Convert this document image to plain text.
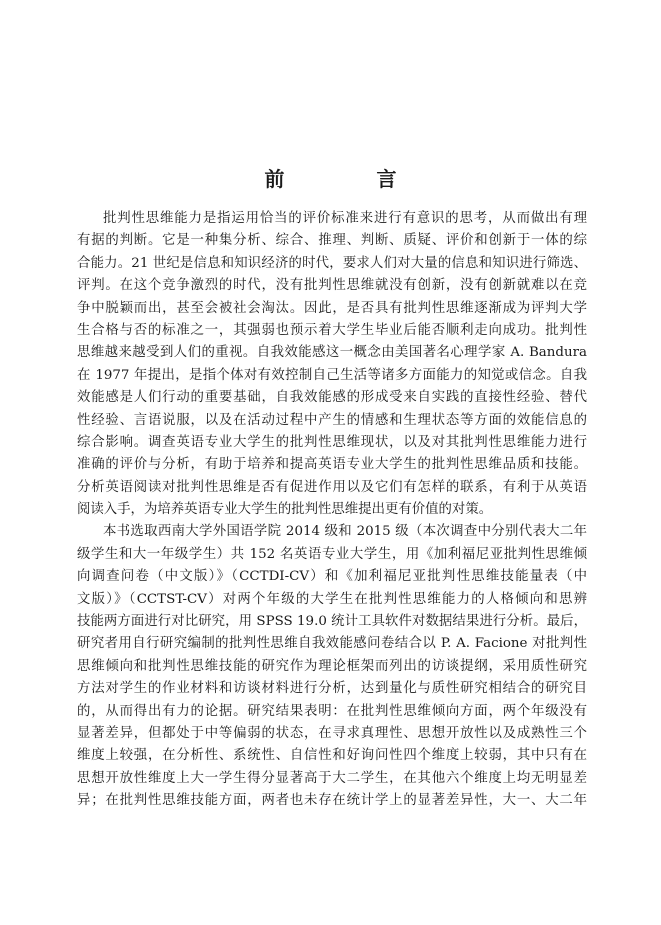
前　言
批判性思维能力是指运用恰当的评价标准来进行有意识的思考，从而做出有理
有据的判断。它是一种集分析、综合、推理、判断、质疑、评价和创新于一体的综
合能力。21 世纪是信息和知识经济的时代，要求人们对大量的信息和知识进行筛选、
评判。在这个竞争激烈的时代，没有批判性思维就没有创新，没有创新就难以在竞
争中脱颖而出，甚至会被社会淘汰。因此，是否具有批判性思维逐渐成为评判大学
生合格与否的标准之一，其强弱也预示着大学生毕业后能否顺利走向成功。批判性
思维越来越受到人们的重视。自我效能感这一概念由美国著名心理学家 A. Bandura
在 1977 年提出，是指个体对有效控制自己生活等诸多方面能力的知觉或信念。自我
效能感是人们行动的重要基础，自我效能感的形成受来自实践的直接性经验、替代
性经验、言语说服，以及在活动过程中产生的情感和生理状态等方面的效能信息的
综合影响。调查英语专业大学生的批判性思维现状，以及对其批判性思维能力进行
准确的评价与分析，有助于培养和提高英语专业大学生的批判性思维品质和技能。
分析英语阅读对批判性思维是否有促进作用以及它们有怎样的联系，有利于从英语
阅读入手，为培养英语专业大学生的批判性思维提出更有价值的对策。
本书选取西南大学外国语学院 2014 级和 2015 级（本次调查中分别代表大二年
级学生和大一年级学生）共 152 名英语专业大学生，用《加利福尼亚批判性思维倾
向调查问卷（中文版）》（CCTDI-CV）和《加利福尼亚批判性思维技能量表（中
文版）》（CCTST-CV）对两个年级的大学生在批判性思维能力的人格倾向和思辨
技能两方面进行对比研究，用 SPSS 19.0 统计工具软件对数据结果进行分析。最后，
研究者用自行研究编制的批判性思维自我效能感问卷结合以 P. A. Facione 对批判性
思维倾向和批判性思维技能的研究作为理论框架而列出的访谈提纲，采用质性研究
方法对学生的作业材料和访谈材料进行分析，达到量化与质性研究相结合的研究目
的，从而得出有力的论据。研究结果表明：在批判性思维倾向方面，两个年级没有
显著差异，但都处于中等偏弱的状态，在寻求真理性、思想开放性以及成熟性三个
维度上较强，在分析性、系统性、自信性和好询问性四个维度上较弱，其中只有在
思想开放性维度上大一学生得分显著高于大二学生，在其他六个维度上均无明显差
异；在批判性思维技能方面，两者也未存在统计学上的显著差异性，大一、大二年
